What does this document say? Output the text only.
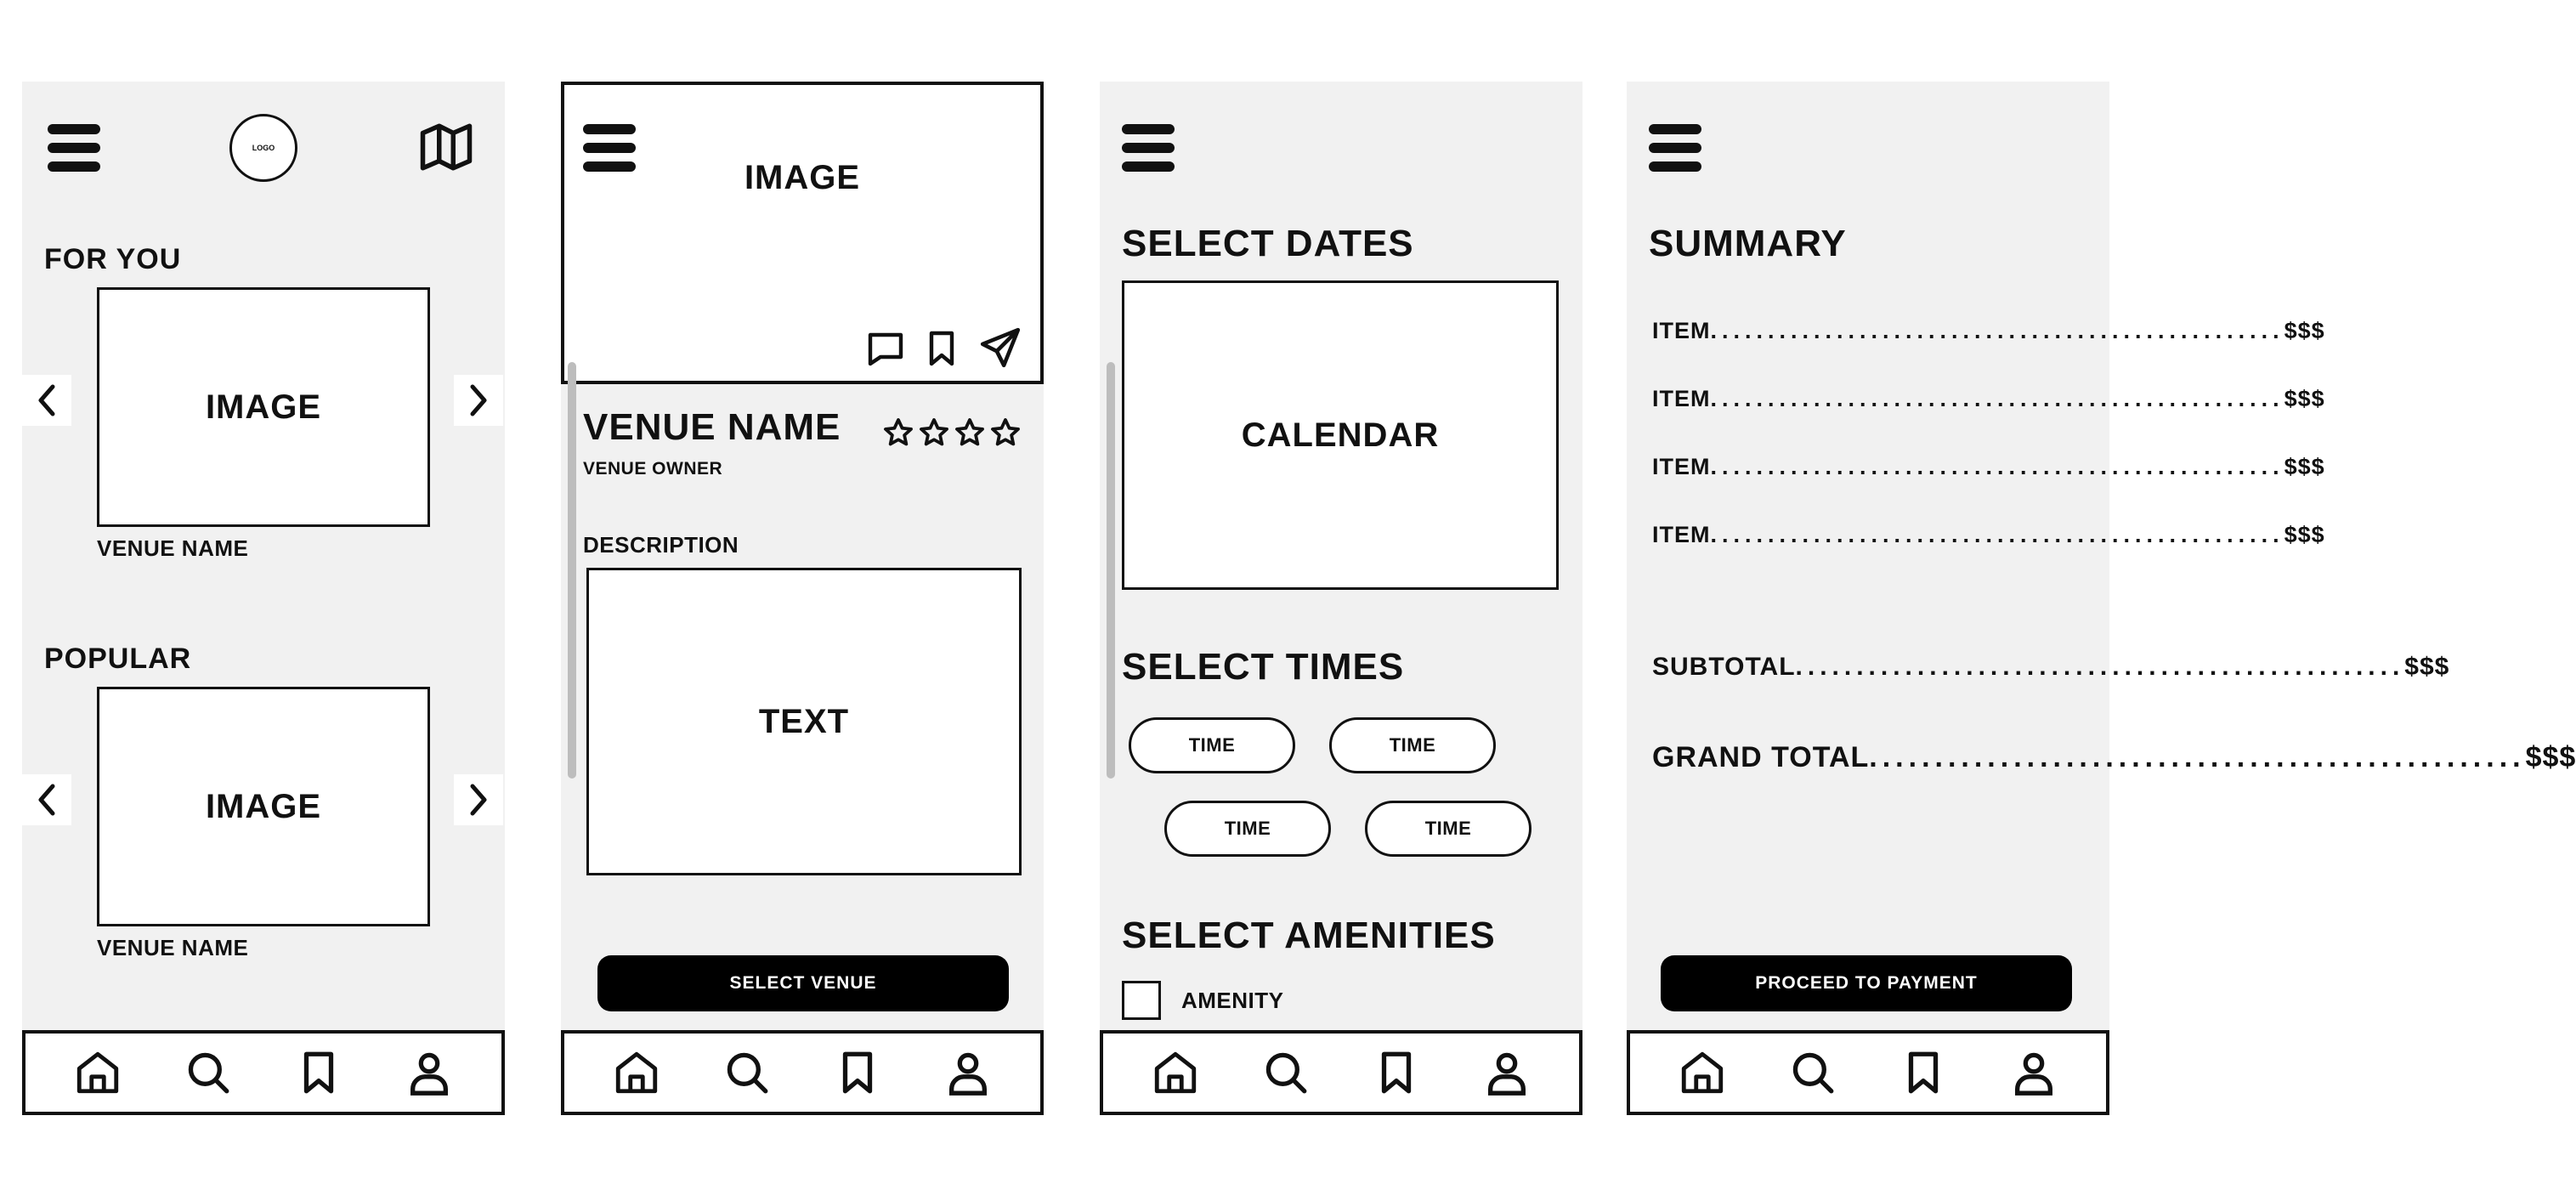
LOGO
FOR YOU
IMAGE
VENUE NAME
POPULAR
IMAGE
VENUE NAME
IMAGE
VENUE NAME
VENUE OWNER
DESCRIPTION
TEXT
SELECT VENUE
SELECT DATES
CALENDAR
SELECT TIMES
TIME	TIME
TIME	TIME
SELECT AMENITIES
AMENITY
SUMMARY
ITEM .................................................. $$$
ITEM .................................................. $$$
ITEM .................................................. $$$
ITEM .................................................. $$$
SUBTOTAL .................................................. $$$
GRAND TOTAL .................................................. $$$
PROCEED TO PAYMENT
